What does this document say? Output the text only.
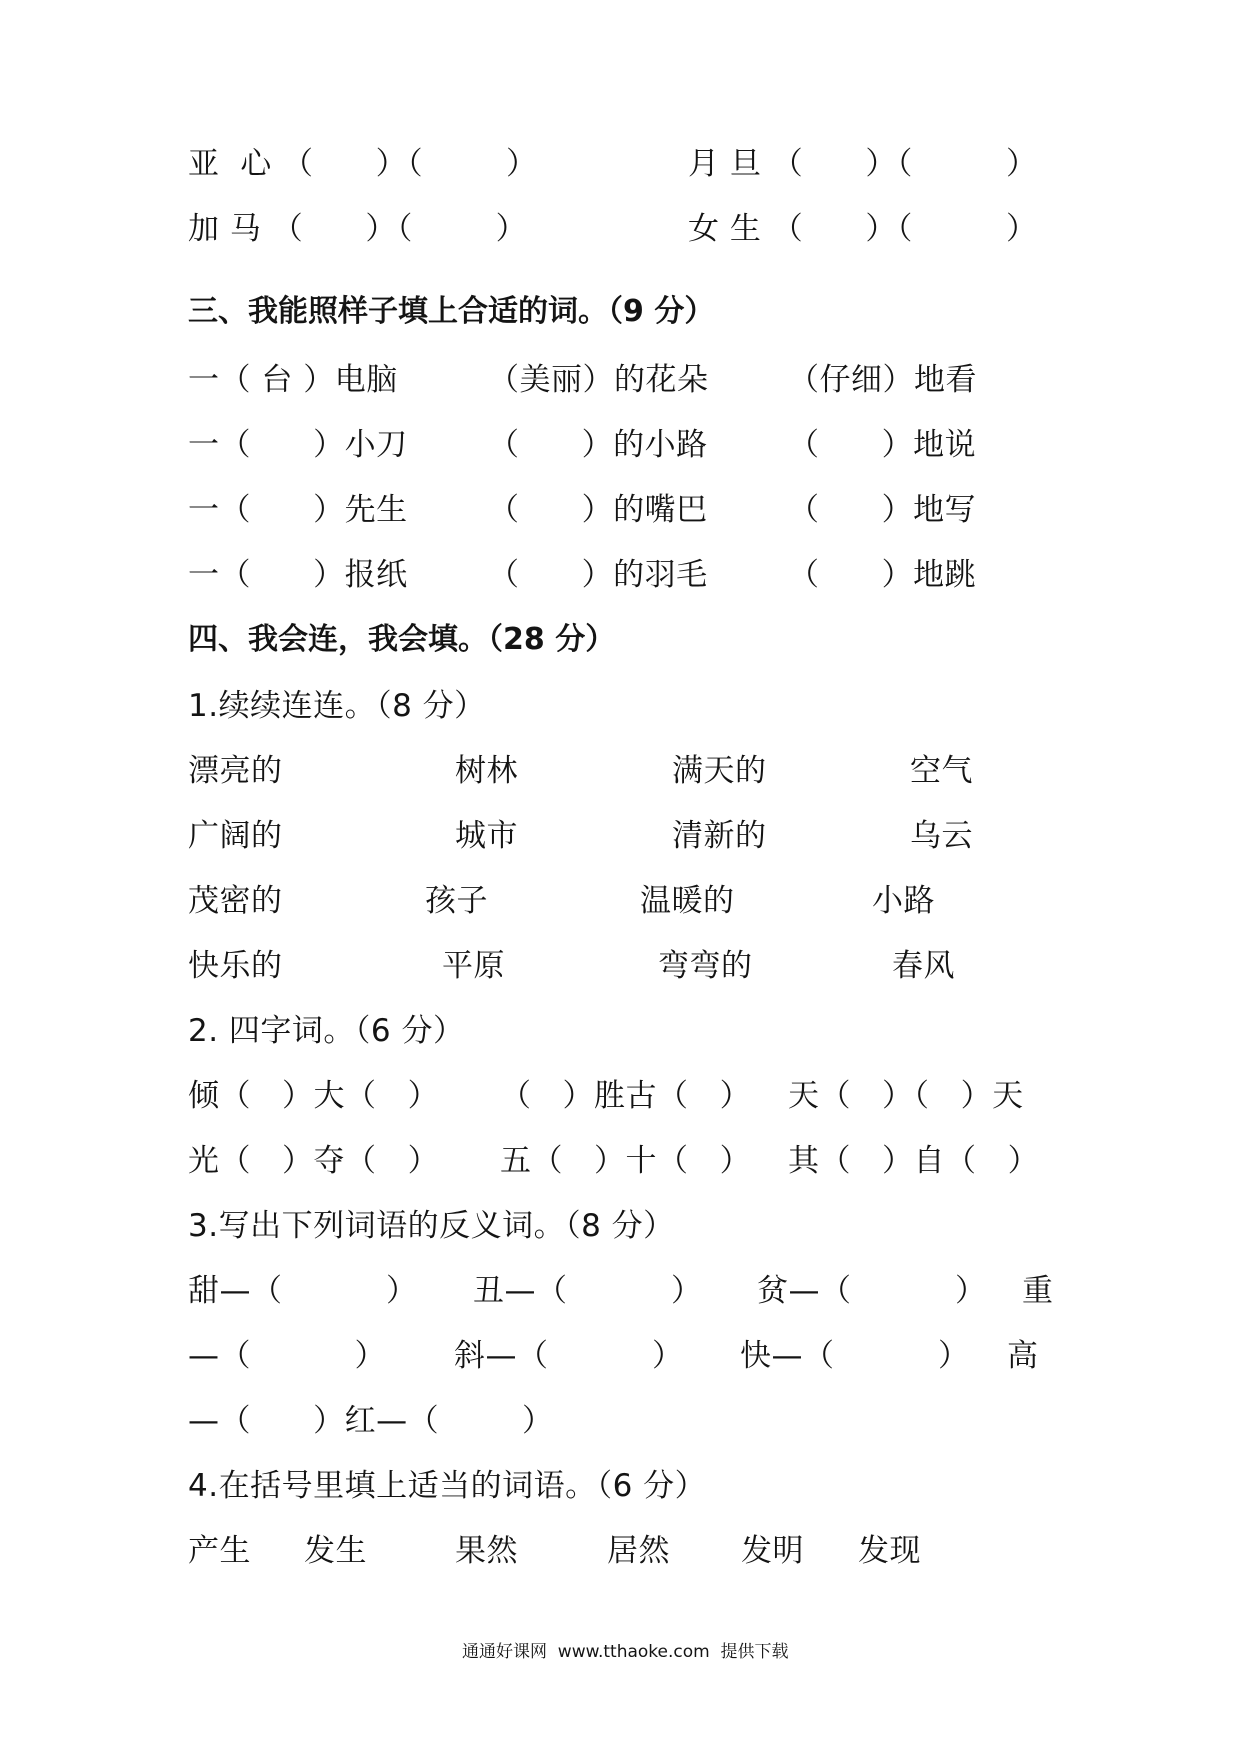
亚  心 （      ）（        ）	月 旦 （      ）（         ）
加 马 （      ）（        ）	女 生 （      ）（         ）
三、我能照样子填上合适的词。（9 分）
一（ 台 ）电脑	（美丽）的花朵	（仔细）地看
一（      ）小刀	（      ）的小路	（      ）地说
一（      ）先生	（      ）的嘴巴	（      ）地写
一（      ）报纸	（      ）的羽毛	（      ）地跳
四、我会连，我会填。（28 分）
1.续续连连。（8 分）
漂亮的	树林	满天的	空气
广阔的	城市	清新的	乌云
茂密的	孩子	温暖的	小路
快乐的	平原	弯弯的	春风
2. 四字词。（6 分）
倾（   ）大（   ） （   ）胜古（   ） 天（   ）（   ）天
光（   ）夺（   ） 五（   ）十（   ） 其（   ）自（   ）
3.写出下列词语的反义词。（8 分）
甜—（          ） 丑—（          ） 贫—（          ） 重
—（          ） 斜—（          ） 快—（          ） 高
—（      ）红—（        ）
4.在括号里填上适当的词语。（6 分）
产生 发生	果然	居然 发明 发现
通通好课网  www.tthaoke.com  提供下载
